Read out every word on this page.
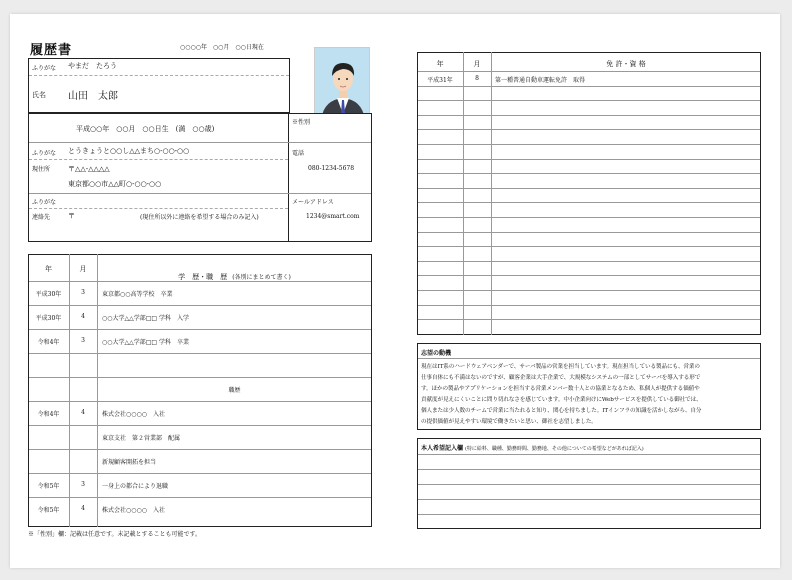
履歴書	○○○○年　○○月　○○日現在
ふりがな やまだ　たろう
氏名 山田　太郎
平成○○年　○○月　○○日生　(満　○○歳)
※性別
ふりがな とうきょうと○○し△△まち○-○○-○○
現住所	〒△△-△△△△
東京都○○市△△町○-○○-○○
電話
080-1234-5678
ふりがな
連絡先	〒	(現住所以外に連絡を希望する場合のみ記入)
メールアドレス
1234@smart.com
年	月
学　歴・職　歴 (各別にまとめて書く)
平成30年	3	東京都○○高等学校　卒業
平成30年	4	○○大学△△学部□□ 学科　入学
令和4年	3	○○大学△△学部□□ 学科　卒業
職歴
令和4年	4	株式会社○○○○　入社
東京支社　第２営業部　配属
新規顧客開拓を担当
令和5年	3	一身上の都合により退職
令和5年	4	株式会社○○○○　入社
※「性別」欄：記載は任意です。未記載とすることも可能です。
年	月	免 許・資 格
平成31年	8	第一種普通自動車運転免許　取得
志望の動機
現在はIT系のハードウェアベンダーで、サーバ製品の営業を担当しています。現在担当している製品にも、営業の
仕事自体にも不満はないのですが、顧客企業は大手企業で、大規模なシステムの一部としてサーバを導入する形で
す。ほかの製品やアプリケーションを担当する営業メンバー数十人との協業となるため、私個人が提供する価値や
貢献度が見えにくいことに問り切れなさを感じています。中小企業向けにWebサービスを提供している御社では、
個人または少人数のチームで営業に当たれると知り、関心を持ちました。ITインフラの知識を活かしながら、自分
の提供価値が見えやすい環境で働きたいと思い、御社を志望しました。
本人希望記入欄 (特に給料、職種、勤務時間、勤務地、その他についての希望などがあれば記入)
